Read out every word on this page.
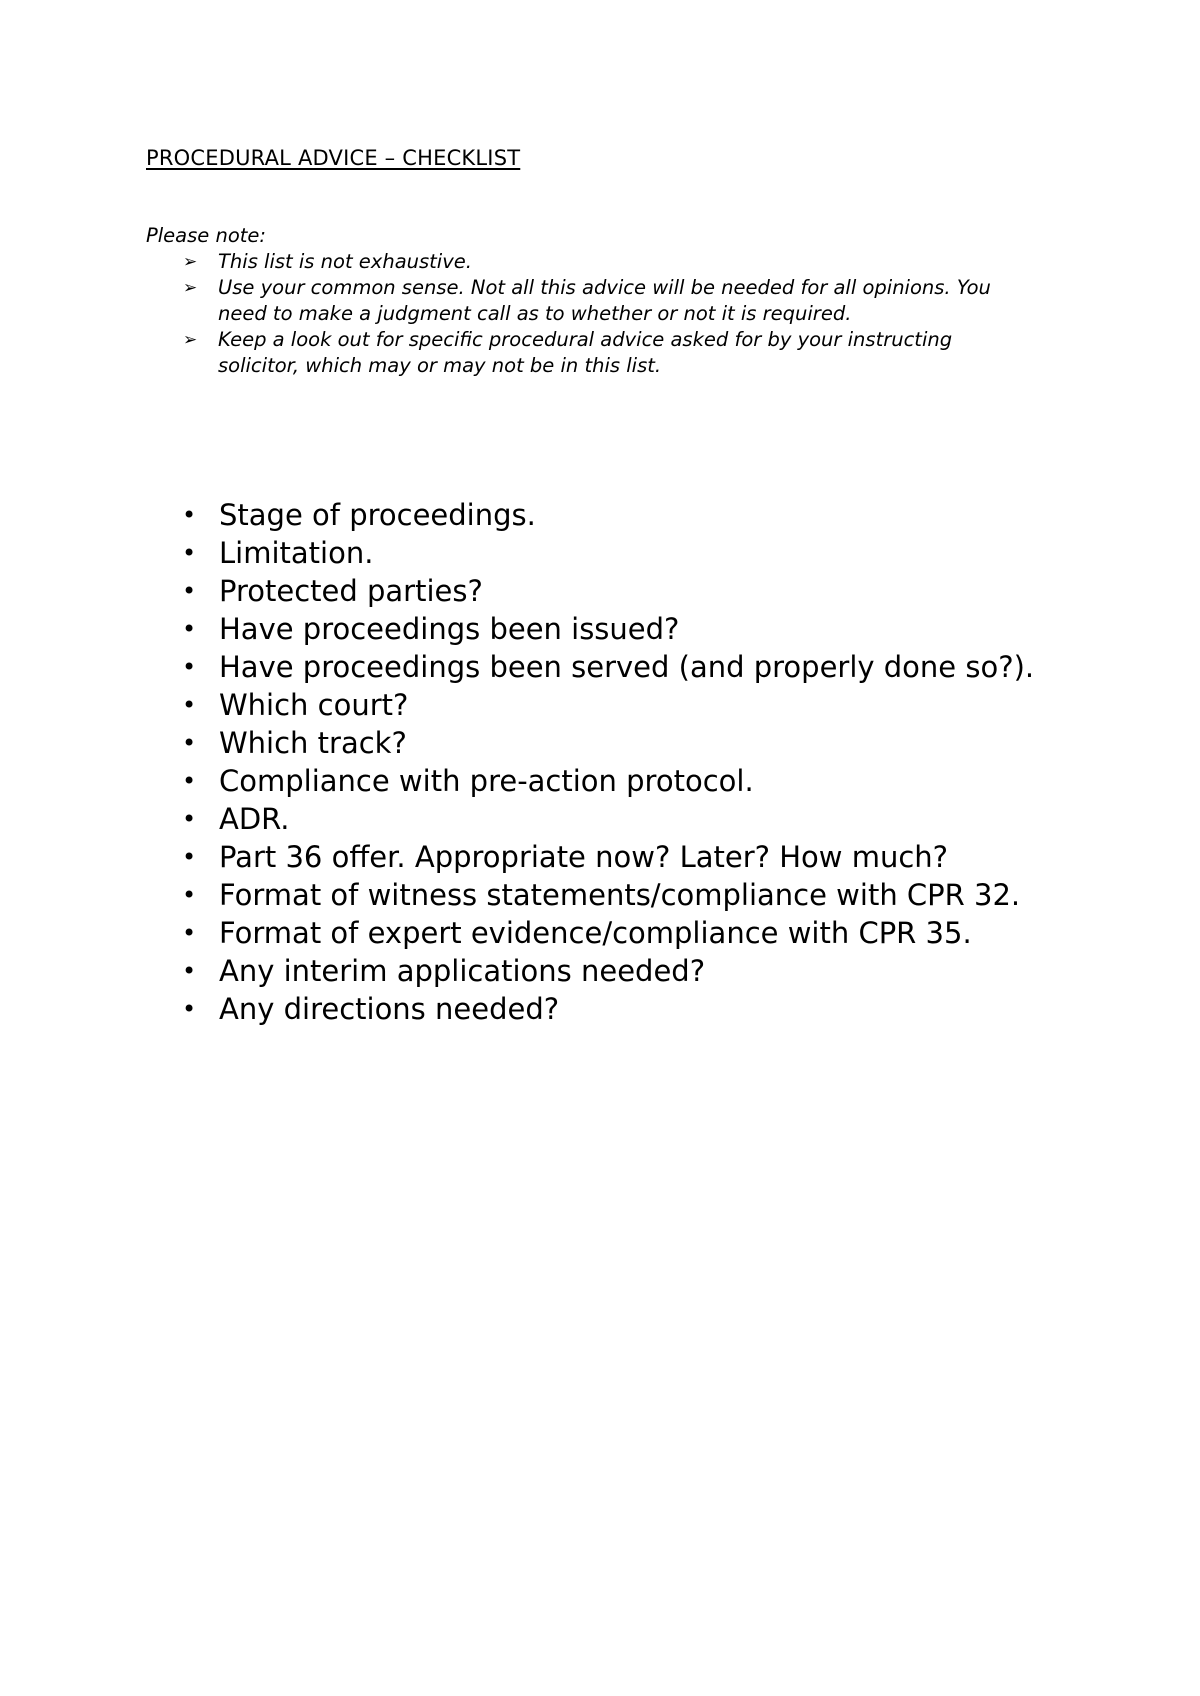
PROCEDURAL ADVICE – CHECKLIST

Please note:

➢ This list is not exhaustive.
➢ Use your common sense. Not all this advice will be needed for all opinions. You need to make a judgment call as to whether or not it is required.
➢ Keep a look out for specific procedural advice asked for by your instructing solicitor, which may or may not be in this list.
• Stage of proceedings.
• Limitation.
• Protected parties?
• Have proceedings been issued?
• Have proceedings been served (and properly done so?).
• Which court?
• Which track?
• Compliance with pre-action protocol.
• ADR.
• Part 36 offer. Appropriate now? Later? How much?
• Format of witness statements/compliance with CPR 32.
• Format of expert evidence/compliance with CPR 35.
• Any interim applications needed?
• Any directions needed?
